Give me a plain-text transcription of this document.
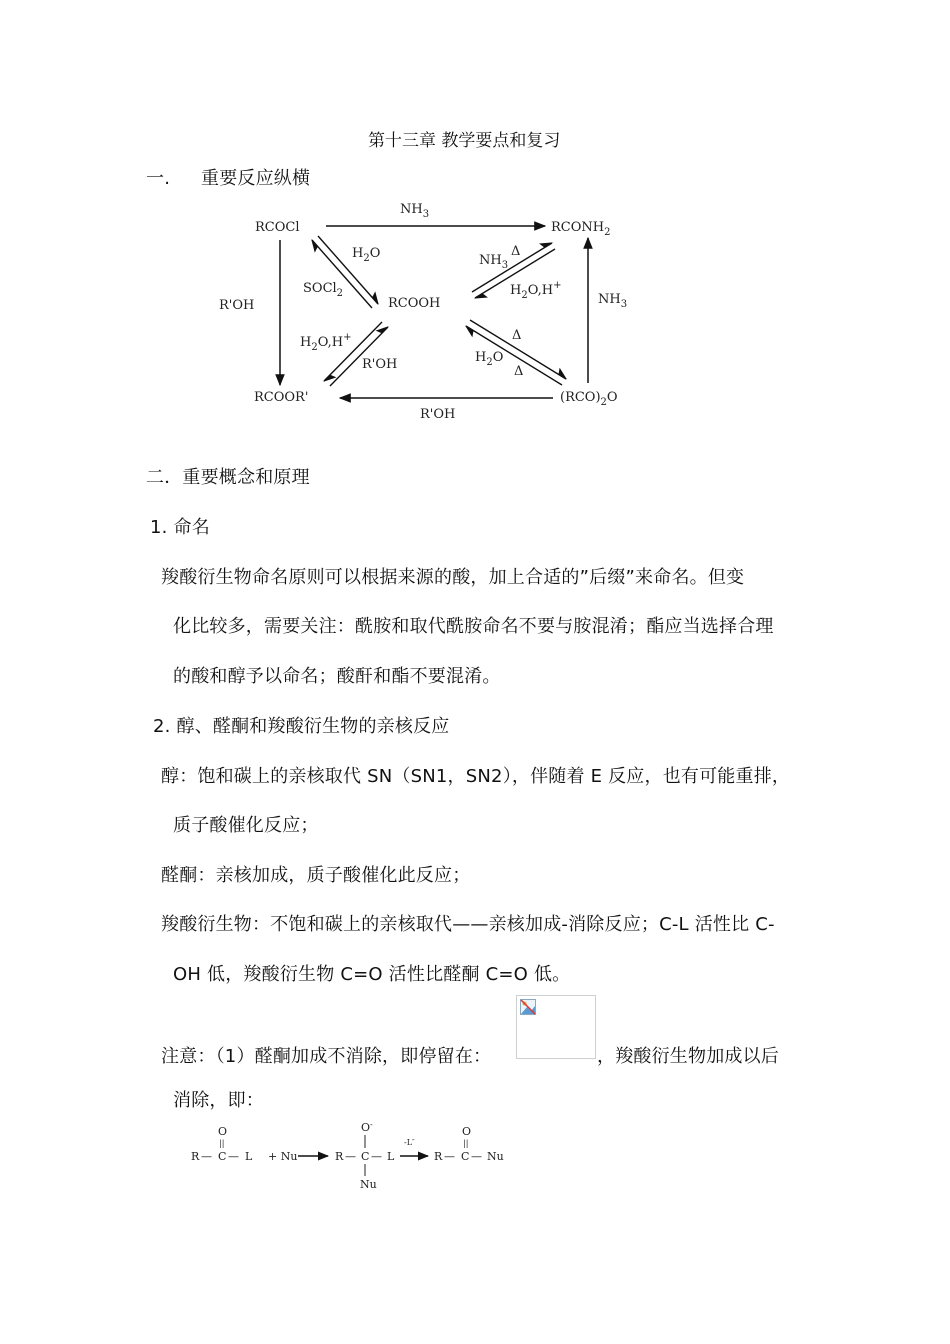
第十三章 教学要点和复习
一. 重要反应纵横
RCOCl	$RCONH_2$
RCOOH
RCOOR'	$(RCO)_2O$
$NH_3$
R'OH	$NH_3$
R'OH
$H_2O$
SOCl$_2$
$H_2O,H^+$
R'OH
$NH_3$
Δ
$H_2O,H^+$
Δ
$H_2O$
Δ
二．重要概念和原理
1. 命名
羧酸衍生物命名原则可以根据来源的酸，加上合适的”后缀”来命名。但变
化比较多，需要关注：酰胺和取代酰胺命名不要与胺混淆；酯应当选择合理
的酸和醇予以命名；酸酐和酯不要混淆。
2. 醇、醛酮和羧酸衍生物的亲核反应
醇：饱和碳上的亲核取代 SN（SN1，SN2），伴随着 E 反应，也有可能重排，
质子酸催化反应；
醛酮：亲核加成，质子酸催化此反应；
羧酸衍生物：不饱和碳上的亲核取代——亲核加成-消除反应；C-L 活性比 C-
OH 低，羧酸衍生物 C=O 活性比醛酮 C=O 低。
注意：（1）醛酮加成不消除，即停留在：	，羧酸衍生物加成以后
消除，即：
O
||
R — C — L + Nu
O-
R — C — L
Nu
-L-
O
||
R — C — Nu
